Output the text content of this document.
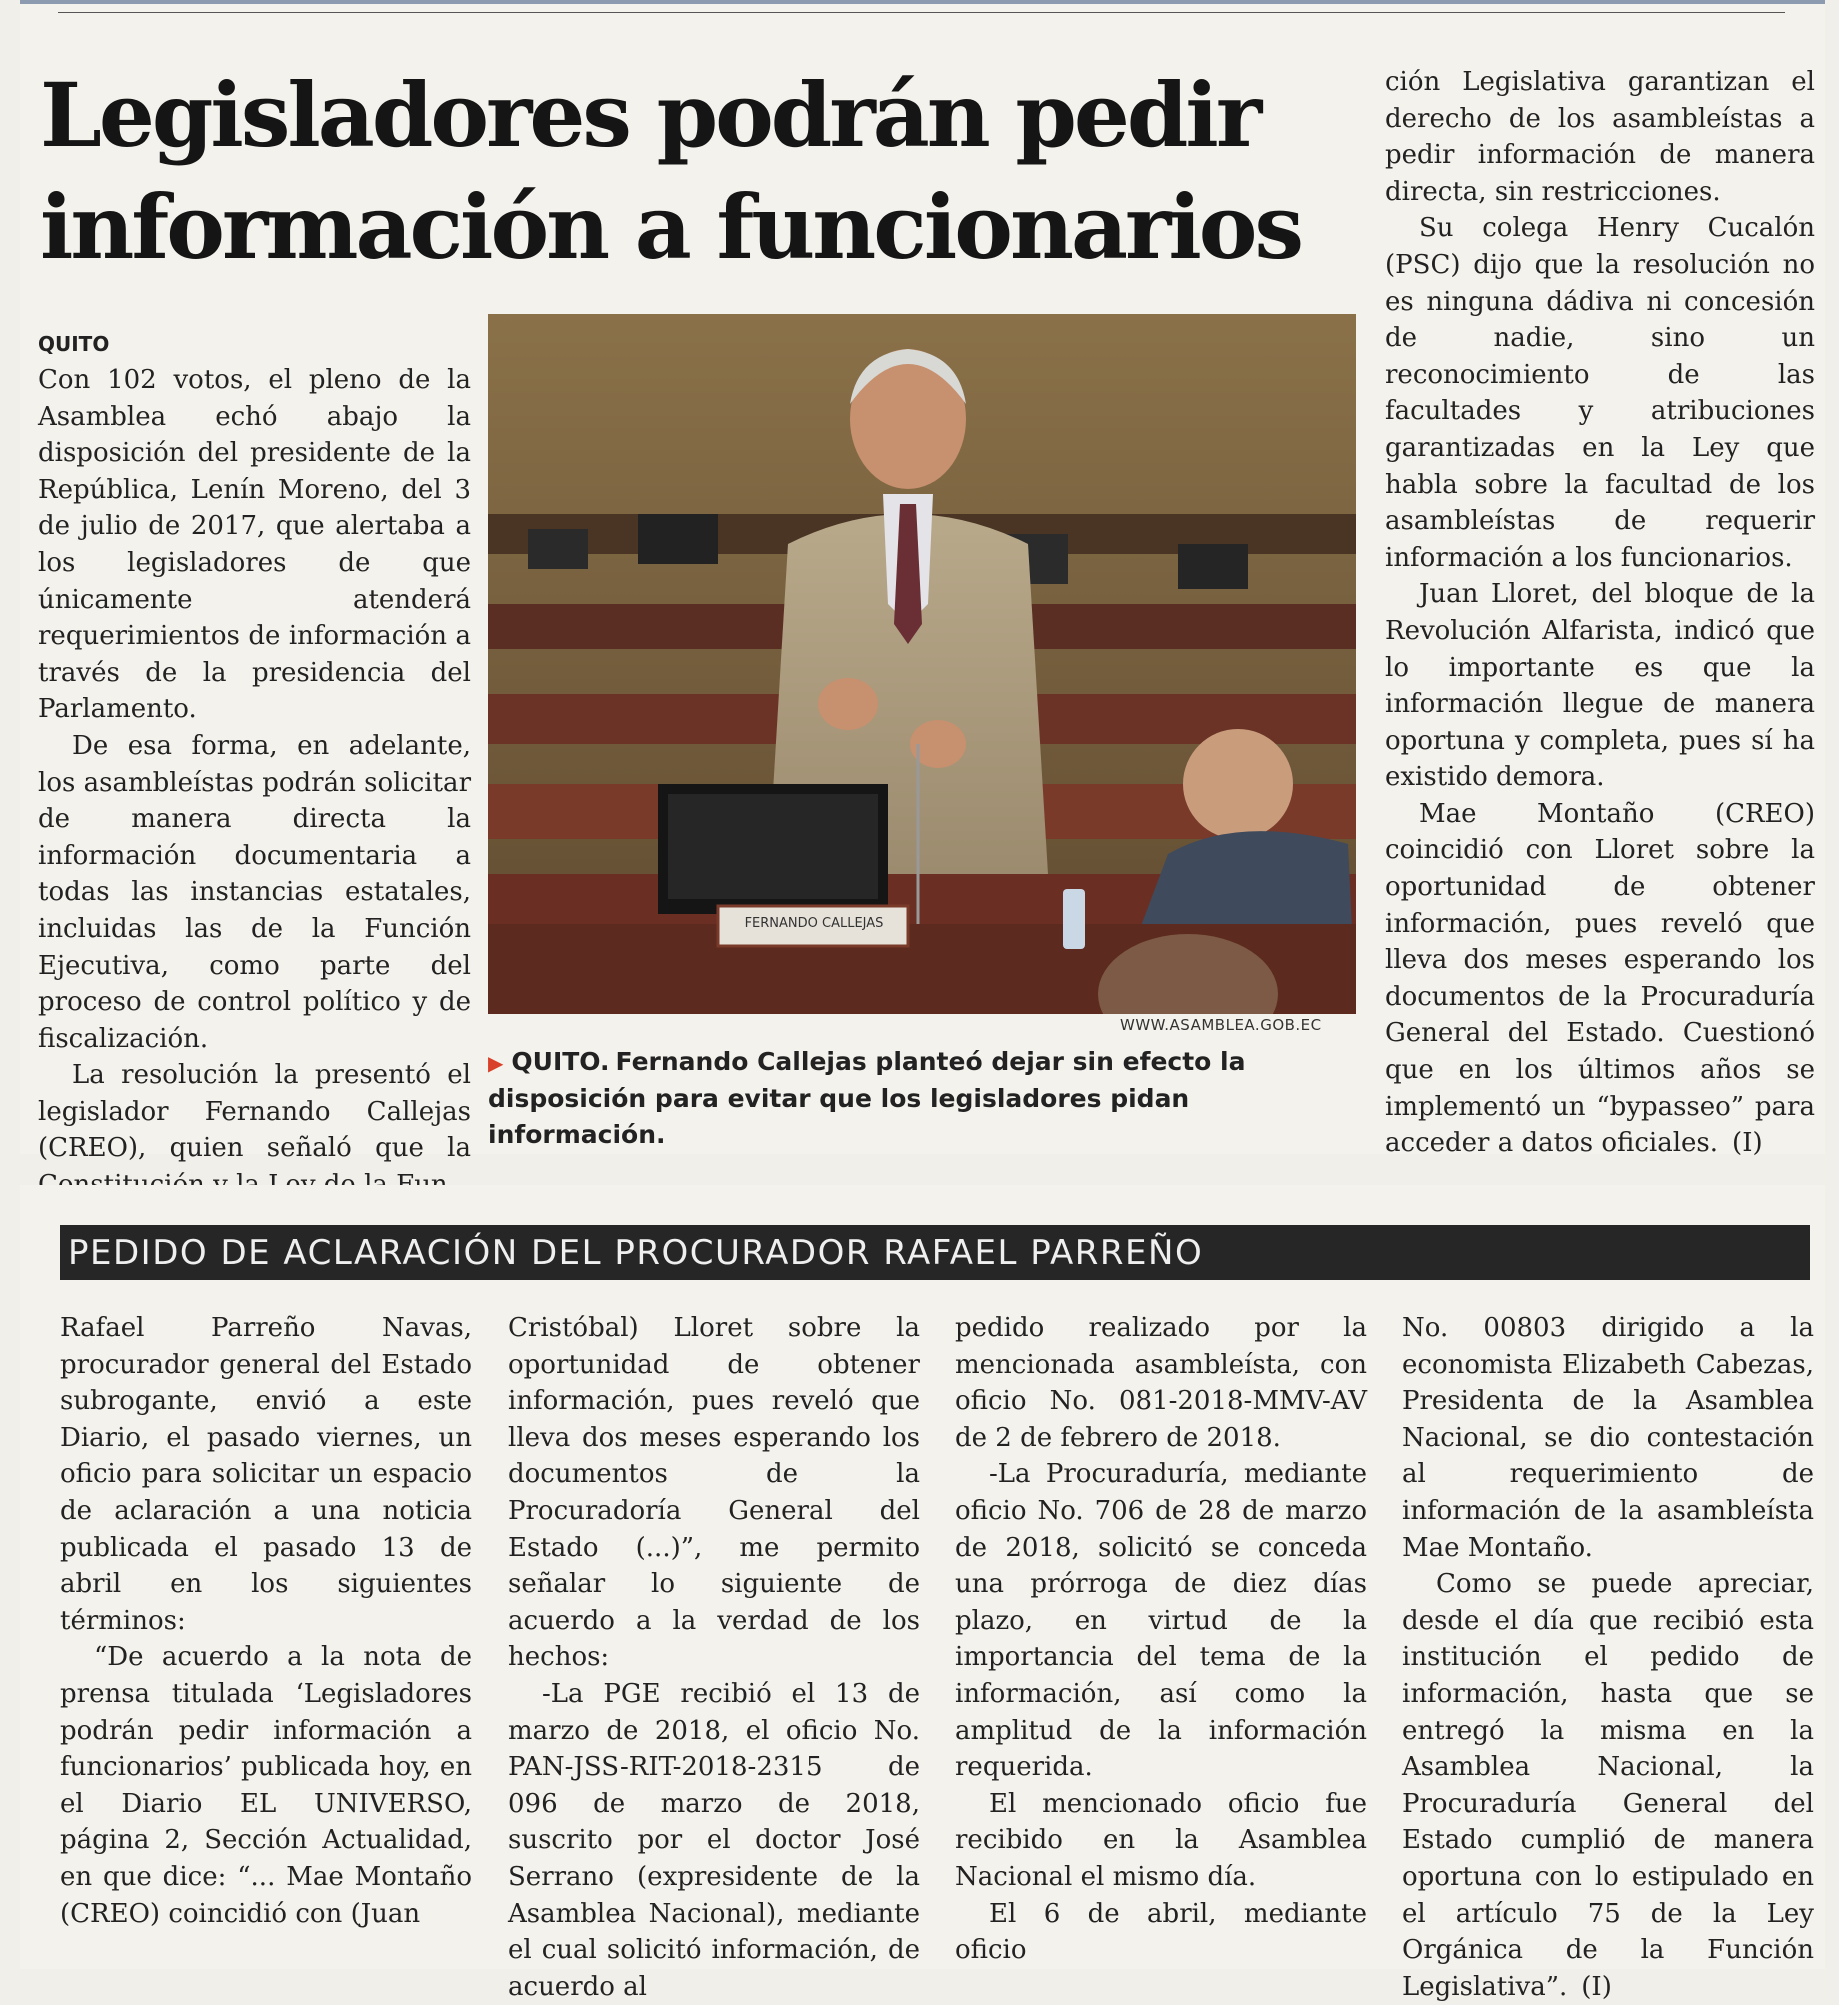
Legisladores podrán pedir información a funcionarios

QUITO

Con 102 votos, el pleno de la Asamblea echó abajo la disposición del presidente de la República, Lenín Moreno, del 3 de julio de 2017, que alertaba a los legisladores de que únicamente atenderá requerimientos de información a través de la presidencia del Parlamento.

De esa forma, en adelante, los asambleístas podrán solicitar de manera directa la información documentaria a todas las instancias estatales, incluidas las de la Función Ejecutiva, como parte del proceso de control político y de fiscalización.

La resolución la presentó el legislador Fernando Callejas (CREO), quien señaló que la

FERNANDO CALLEJAS

WWW.ASAMBLEA.GOB.EC

▶ QUITO. Fernando Callejas planteó dejar sin efecto la disposición para evitar que los legisladores pidan información.

ción Legislativa garantizan el derecho de los asambleístas a pedir información de manera directa, sin restricciones.

Su colega Henry Cucalón (PSC) dijo que la resolución no es ninguna dádiva ni concesión de nadie, sino un reconocimiento de las facultades y atribuciones garantizadas en la Ley que habla sobre la facultad de los asambleístas de requerir información a los funcionarios.

Juan Lloret, del bloque de la Revolución Alfarista, indicó que lo importante es que la información llegue de manera oportuna y completa, pues sí ha existido demora.

Mae Montaño (CREO) coincidió con Lloret sobre la oportunidad de obtener información, pues reveló que lleva dos meses esperando los documentos de la Procuraduría General del Estado. Cuestionó que en los últimos años se implementó un “bypasseo” para acceder a datos oficiales. (I)

PEDIDO DE ACLARACIÓN DEL PROCURADOR RAFAEL PARREÑO

Rafael Parreño Navas, procurador general del Estado subrogante, envió a este Diario, el pasado viernes, un oficio para solicitar un espacio de aclaración a una noticia publicada el pasado 13 de abril en los siguientes términos:

“De acuerdo a la nota de prensa titulada ‘Legisladores podrán pedir información a funcionarios’ publicada hoy, en el Diario EL UNIVERSO, página 2, Sección Actualidad, en que dice: “... Mae Montaño (CREO) coincidió con (Juan

Cristóbal) Lloret sobre la oportunidad de obtener información, pues reveló que lleva dos meses esperando los documentos de la Procuradoría General del Estado (...)”, me permito señalar lo siguiente de acuerdo a la verdad de los hechos:

-La PGE recibió el 13 de marzo de 2018, el oficio No. PAN-JSS-RIT-2018-2315 de 096 de marzo de 2018, suscrito por el doctor José Serrano (expresidente de la Asamblea Nacional), mediante el cual solicitó información, de acuerdo al

pedido realizado por la mencionada asambleísta, con oficio No. 081-2018-MMV-AV de 2 de febrero de 2018.

-La Procuraduría, mediante oficio No. 706 de 28 de marzo de 2018, solicitó se conceda una prórroga de diez días plazo, en virtud de la importancia del tema de la información, así como la amplitud de la información requerida.

El mencionado oficio fue recibido en la Asamblea Nacional el mismo día.

El 6 de abril, mediante oficio

No. 00803 dirigido a la economista Elizabeth Cabezas, Presidenta de la Asamblea Nacional, se dio contestación al requerimiento de información de la asambleísta Mae Montaño.

Como se puede apreciar, desde el día que recibió esta institución el pedido de información, hasta que se entregó la misma en la Asamblea Nacional, la Procuraduría General del Estado cumplió de manera oportuna con lo estipulado en el artículo 75 de la Ley Orgánica de la Función Legislativa”. (I)
